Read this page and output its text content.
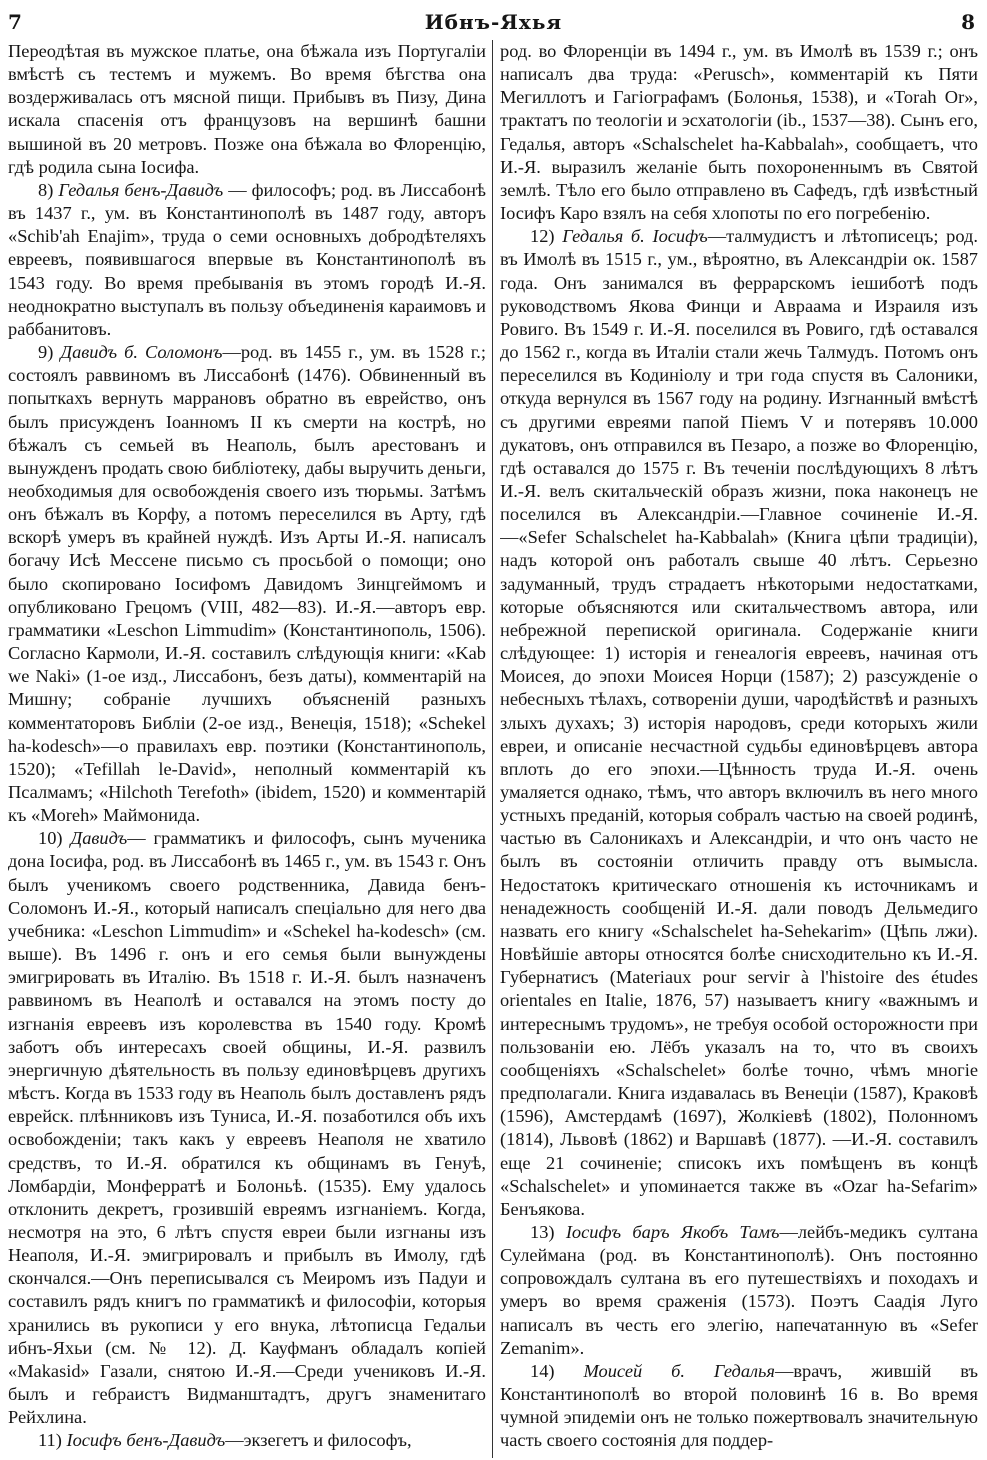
7	Ибнъ-Яхья	8

Переодѣтая въ мужское платье, она бѣжала изъ Португаліи вмѣстѣ съ тестемъ и мужемъ. Во время бѣгства она воздерживалась отъ мясной пищи. Прибывъ въ Пизу, Дина искала спасенія отъ французовъ на вершинѣ башни вышиной въ 20 метровъ. Позже она бѣжала во Флоренцію, гдѣ родила сына Іосифа.

8) Гедалья бенъ-Давидъ — философъ; род. въ Лиссабонѣ въ 1437 г., ум. въ Константинополѣ въ 1487 году, авторъ «Schib'ah Enajim», труда о семи основныхъ добродѣтеляхъ евреевъ, появившагося впервые въ Константинополѣ въ 1543 году. Во время пребыванія въ этомъ городѣ И.-Я. неоднократно выступалъ въ пользу объединенія караимовъ и раббанитовъ.

9) Давидъ б. Соломонъ—род. въ 1455 г., ум. въ 1528 г.; состоялъ раввиномъ въ Лиссабонѣ (1476). Обвиненный въ попыткахъ вернуть маррановъ обратно въ еврейство, онъ былъ присужденъ Іоанномъ II къ смерти на кострѣ, но бѣжалъ съ семьей въ Неаполь, былъ арестованъ и вынужденъ продать свою библіотеку, дабы выручить деньги, необходимыя для освобожденія своего изъ тюрьмы. Затѣмъ онъ бѣжалъ въ Корфу, а потомъ переселился въ Арту, гдѣ вскорѣ умеръ въ крайней нуждѣ. Изъ Арты И.-Я. написалъ богачу Исѣ Мессене письмо съ просьбой о помощи; оно было скопировано Іосифомъ Давидомъ Зинцгеймомъ и опубликовано Грецомъ (VIII, 482—83). И.-Я.—авторъ евр. грамматики «Leschon Limmudim» (Константинополь, 1506). Согласно Кармоли, И.-Я. составилъ слѣдующія книги: «Kab we Naki» (1-ое изд., Лиссабонъ, безъ даты), комментарій на Мишну; собраніе лучшихъ объясненій разныхъ комментаторовъ Библіи (2-ое изд., Венеція, 1518); «Schekel ha-kodesch»—о правилахъ евр. поэтики (Константинополь, 1520); «Tefillah le-David», неполный комментарій къ Псалмамъ; «Hilchoth Terefoth» (ibidem, 1520) и комментарій къ «Moreh» Маймонида.

10) Давидъ— грамматикъ и философъ, сынъ мученика дона Іосифа, род. въ Лиссабонѣ въ 1465 г., ум. въ 1543 г. Онъ былъ ученикомъ своего родственника, Давида бенъ-Соломонъ И.-Я., который написалъ спеціально для него два учебника: «Leschon Limmudim» и «Schekel ha-kodesch» (см. выше). Въ 1496 г. онъ и его семья были вынуждены эмигрировать въ Италію. Въ 1518 г. И.-Я. былъ назначенъ раввиномъ въ Неаполѣ и оставался на этомъ посту до изгнанія евреевъ изъ королевства въ 1540 году. Кромѣ заботъ объ интересахъ своей общины, И.-Я. развилъ энергичную дѣятельность въ пользу единовѣрцевъ другихъ мѣстъ. Когда въ 1533 году въ Неаполь былъ доставленъ рядъ еврейск. плѣнниковъ изъ Туниса, И.-Я. позаботился объ ихъ освобожденіи; такъ какъ у евреевъ Неаполя не хватило средствъ, то И.-Я. обратился къ общинамъ въ Генуѣ, Ломбардіи, Монферратѣ и Болоньѣ. (1535). Ему удалось отклонить декретъ, грозившій евреямъ изгнаніемъ. Когда, несмотря на это, 6 лѣтъ спустя евреи были изгнаны изъ Неаполя, И.-Я. эмигрировалъ и прибылъ въ Имолу, гдѣ скончался.—Онъ переписывался съ Меиромъ изъ Падуи и составилъ рядъ книгъ по грамматикѣ и философіи, которыя хранились въ рукописи у его внука, лѣтописца Гедальи ибнъ-Яхьи (см. № 12). Д. Кауфманъ обладалъ копіей «Makasid» Газали, снятою И.-Я.—Среди учениковъ И.-Я. былъ и гебраистъ Видманштадтъ, другъ знаменитаго Рейхлина.

11) Іосифъ бенъ-Давидъ—экзегетъ и философъ,

род. во Флоренціи въ 1494 г., ум. въ Имолѣ въ 1539 г.; онъ написалъ два труда: «Perusch», комментарій къ Пяти Мегиллотъ и Гагіографамъ (Болонья, 1538), и «Torah Or», трактатъ по теологіи и эсхатологіи (ib., 1537—38). Сынъ его, Гедалья, авторъ «Schalschelet ha-Kabbalah», сообщаетъ, что И.-Я. выразилъ желаніе быть похороненнымъ въ Святой землѣ. Тѣло его было отправлено въ Сафедъ, гдѣ извѣстный Іосифъ Каро взялъ на себя хлопоты по его погребенію.

12) Гедалья б. Іосифъ—талмудистъ и лѣтописецъ; род. въ Имолѣ въ 1515 г., ум., вѣроятно, въ Александріи ок. 1587 года. Онъ занимался въ феррарскомъ іешиботѣ подъ руководствомъ Якова Финци и Авраама и Израиля изъ Ровиго. Въ 1549 г. И.-Я. поселился въ Ровиго, гдѣ оставался до 1562 г., когда въ Италіи стали жечь Талмудъ. Потомъ онъ переселился въ Кодиніолу и три года спустя въ Салоники, откуда вернулся въ 1567 году на родину. Изгнанный вмѣстѣ съ другими евреями папой Піемъ V и потерявъ 10.000 дукатовъ, онъ отправился въ Пезаро, а позже во Флоренцію, гдѣ оставался до 1575 г. Въ теченіи послѣдующихъ 8 лѣтъ И.-Я. велъ скитальческій образъ жизни, пока наконецъ не поселился въ Александріи.—Главное сочиненіе И.-Я.—«Sefer Schalschelet ha-Kabbalah» (Книга цѣпи традиціи), надъ которой онъ работалъ свыше 40 лѣтъ. Серьезно задуманный, трудъ страдаетъ нѣкоторыми недостатками, которые объясняются или скитальчествомъ автора, или небрежной перепиской оригинала. Содержаніе книги слѣдующее: 1) исторія и генеалогія евреевъ, начиная отъ Моисея, до эпохи Моисея Норци (1587); 2) разсужденіе о небесныхъ тѣлахъ, сотвореніи души, чародѣйствѣ и разныхъ злыхъ духахъ; 3) исторія народовъ, среди которыхъ жили евреи, и описаніе несчастной судьбы единовѣрцевъ автора вплоть до его эпохи.—Цѣнность труда И.-Я. очень умаляется однако, тѣмъ, что авторъ включилъ въ него много устныхъ преданій, которыя собралъ частью на своей родинѣ, частью въ Салоникахъ и Александріи, и что онъ часто не былъ въ состояніи отличить правду отъ вымысла. Недостатокъ критическаго отношенія къ источникамъ и ненадежность сообщеній И.-Я. дали поводъ Дельмедиго назвать его книгу «Schalschelet ha-Sehekarim» (Цѣпь лжи). Новѣйшіе авторы относятся болѣе снисходительно къ И.-Я. Губернатисъ (Materiaux pour servir à l'histoire des études orientales en Italie, 1876, 57) называетъ книгу «важнымъ и интереснымъ трудомъ», не требуя особой осторожности при пользованіи ею. Лёбъ указалъ на то, что въ своихъ сообщеніяхъ «Schalschelet» болѣе точно, чѣмъ многіе предполагали. Книга издавалась въ Венеціи (1587), Краковѣ (1596), Амстердамѣ (1697), Жолкіевѣ (1802), Полонномъ (1814), Львовѣ (1862) и Варшавѣ (1877). —И.-Я. составилъ еще 21 сочиненіе; списокъ ихъ помѣщенъ въ концѣ «Schalschelet» и упоминается также въ «Ozar ha-Sefarim» Бенъякова.

13) Іосифъ баръ Якобъ Тамъ—лейбъ-медикъ султана Сулеймана (род. въ Константинополѣ). Онъ постоянно сопровождалъ султана въ его путешествіяхъ и походахъ и умеръ во время сраженія (1573). Поэтъ Саадія Луго написалъ въ честь его элегію, напечатанную въ «Sefer Zemanim».

14) Моисей б. Гедалья—врачъ, жившій въ Константинополѣ во второй половинѣ 16 в. Во время чумной эпидеміи онъ не только пожертвовалъ значительную часть своего состоянія для поддер-
